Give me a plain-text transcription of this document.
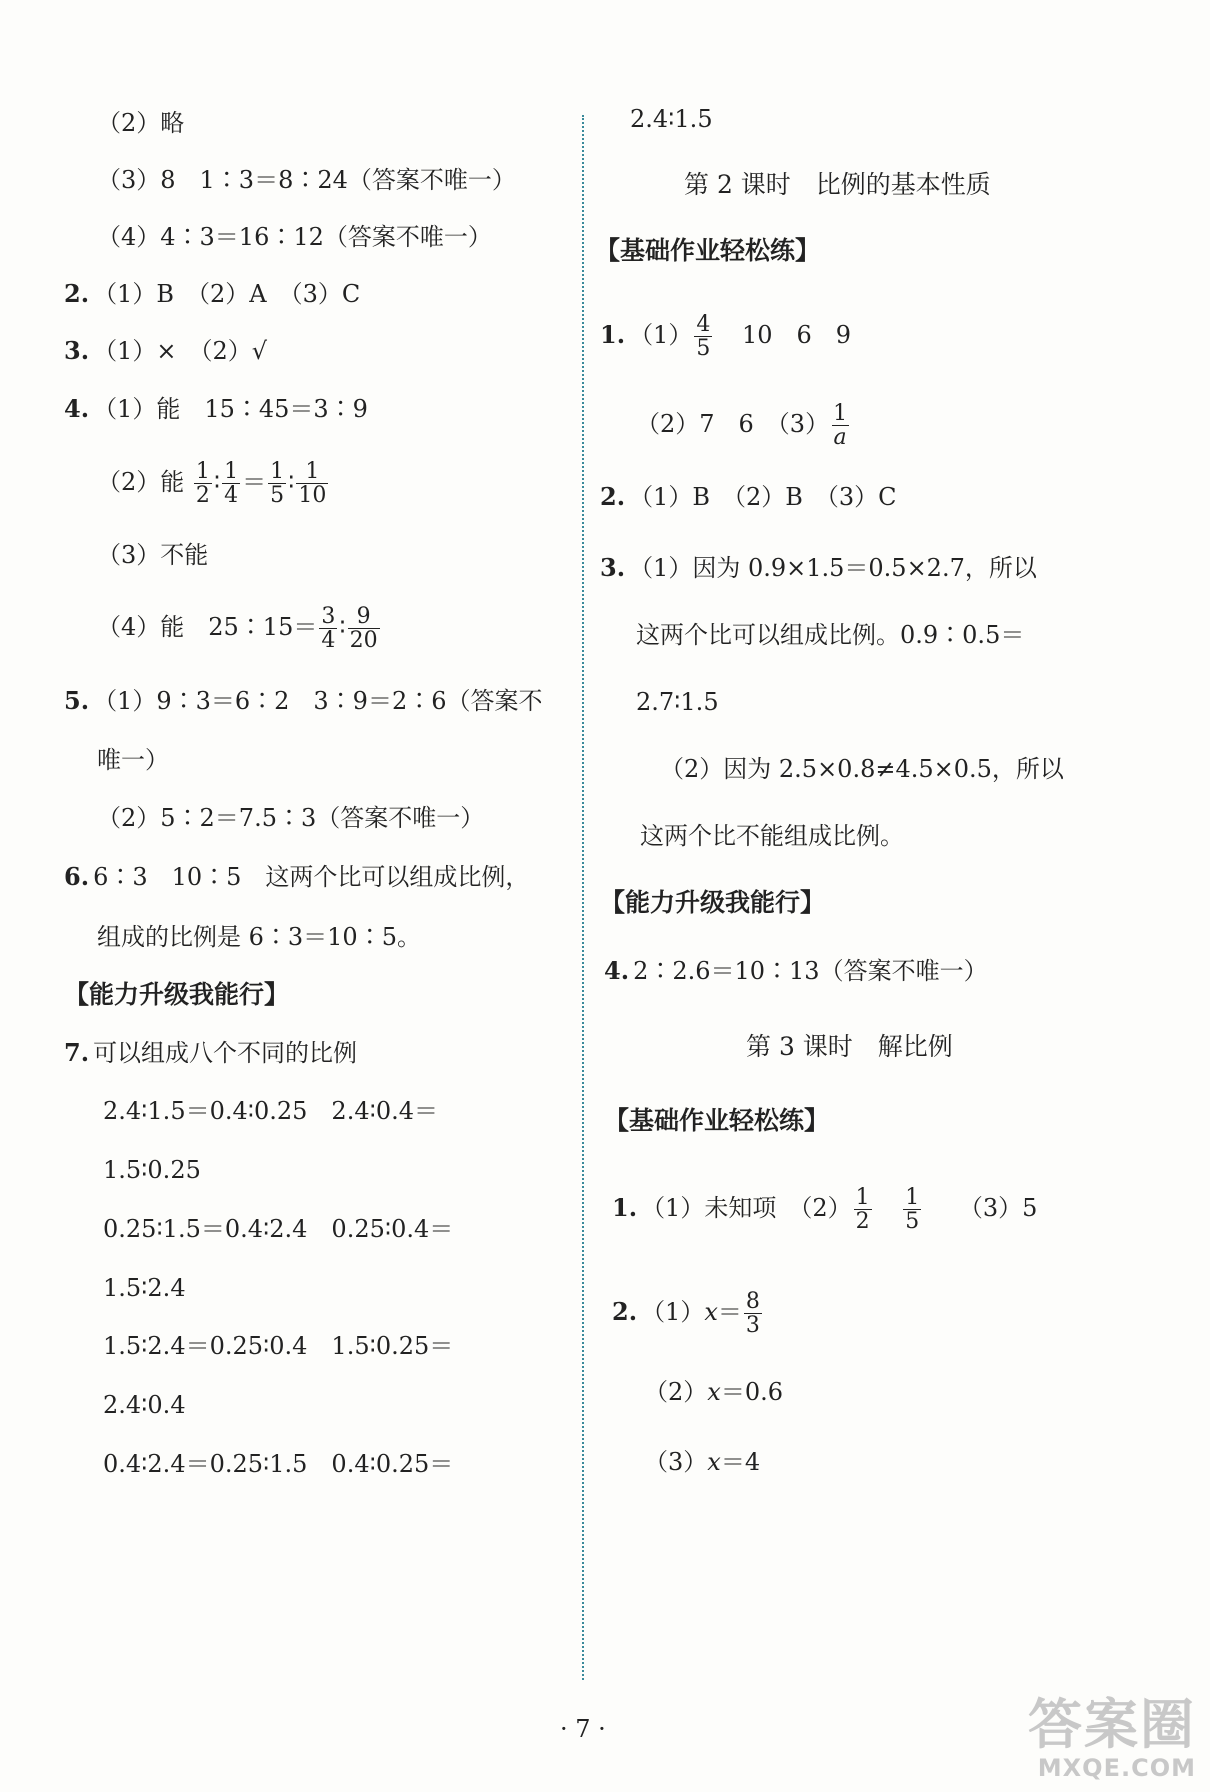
（2）略
（3）8　1∶3＝8∶24（答案不唯一）
（4）4∶3＝16∶12（答案不唯一）
2. （1）B　（2）A　（3）C
3. （1）×　（2）√
4. （1）能　15∶45＝3∶9
（2）能 $\frac{1}{2}$ ∶ $\frac{1}{4} = \frac{1}{5}$ ∶ $\frac{1}{10}$
（3）不能
（4）能　25∶15＝ $\frac{3}{4}$ ∶ $\frac{9}{20}$
5. （1）9∶3＝6∶2　3∶9＝2∶6（答案不
唯一）
（2）5∶2＝7.5∶3（答案不唯一）
6. 6∶3　10∶5　这两个比可以组成比例，
组成的比例是 6∶3＝10∶5。
【能力升级我能行】
7. 可以组成八个不同的比例
2.4∶1.5＝0.4∶0.25　2.4∶0.4＝
1.5∶0.25
0.25∶1.5＝0.4∶2.4　0.25∶0.4＝
1.5∶2.4
1.5∶2.4＝0.25∶0.4　1.5∶0.25＝
2.4∶0.4
0.4∶2.4＝0.25∶1.5　0.4∶0.25＝
2.4∶1.5
第 2 课时　比例的基本性质
【基础作业轻松练】
1. $(1) \frac{4}{5} 10$　6　9
（2）7　6　$(3) \frac{1}{a}$
2. （1）B　（2）B　（3）C
3. （1）因为 0.9×1.5＝0.5×2.7，所以
这两个比可以组成比例。0.9∶0.5＝
2.7∶1.5
（2）因为 2.5×0.8≠4.5×0.5，所以
这两个比不能组成比例。
【能力升级我能行】
4. 2∶2.6＝10∶13（答案不唯一）
第 3 课时　解比例
【基础作业轻松练】
1. （1）未知项　$(2) \frac{1}{2}$
$\frac{1}{5} (3)5$
2. $(1)x= \frac{8}{3}$
（2）x＝0.6
（3）x＝4
· 7 ·	答案圈
MXQE.COM
